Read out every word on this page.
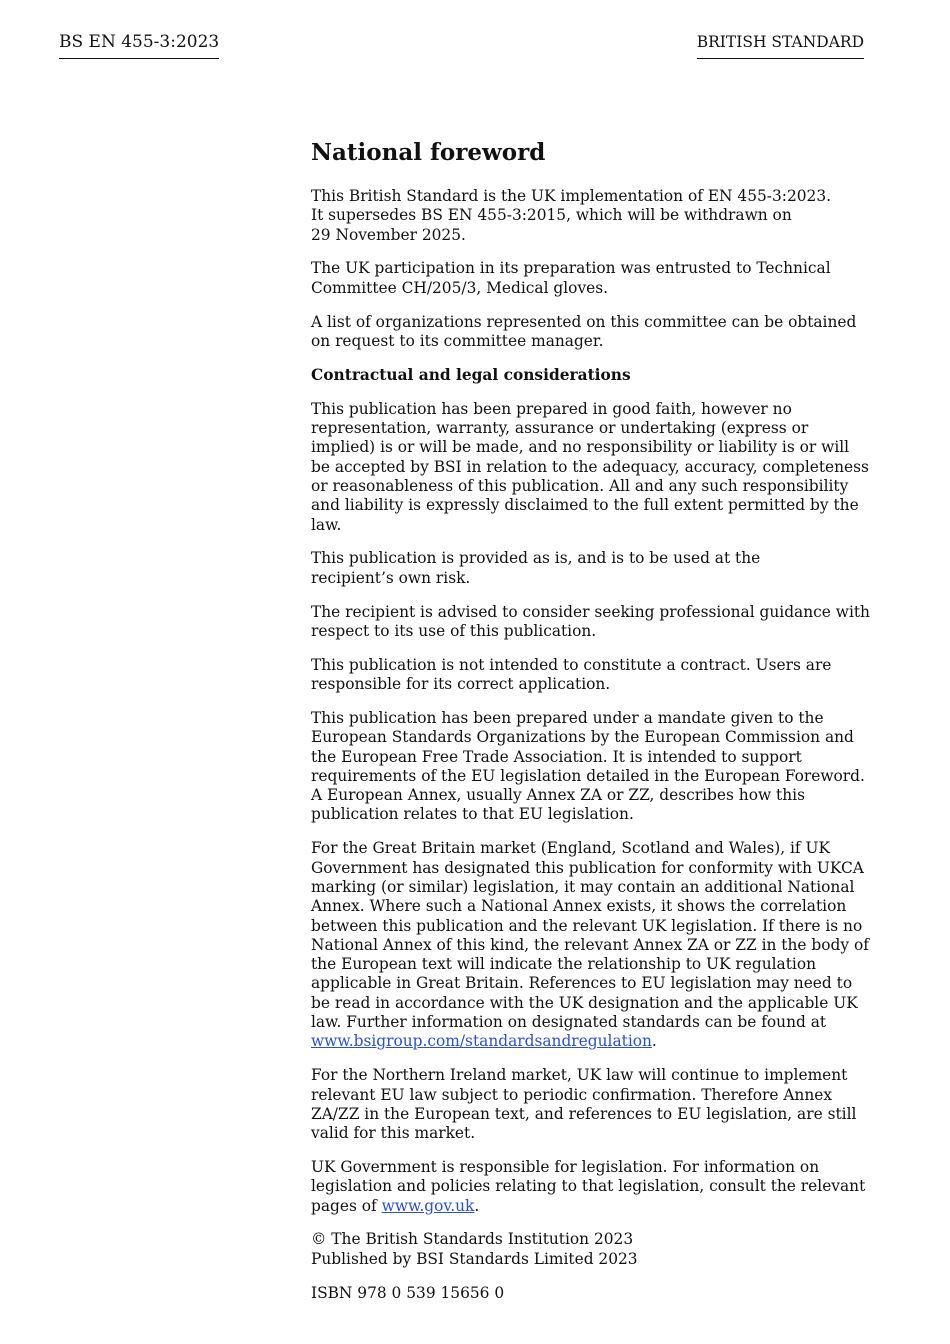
BS EN 455-3:2023	BRITISH STANDARD
National foreword

This British Standard is the UK implementation of EN 455-3:2023.
It supersedes BS EN 455-3:2015, which will be withdrawn on
29 November 2025.

The UK participation in its preparation was entrusted to Technical Committee CH/205/3, Medical gloves.

A list of organizations represented on this committee can be obtained on request to its committee manager.

Contractual and legal considerations

This publication has been prepared in good faith, however no representation, warranty, assurance or undertaking (express or implied) is or will be made, and no responsibility or liability is or will be accepted by BSI in relation to the adequacy, accuracy, completeness or reasonableness of this publication. All and any such responsibility and liability is expressly disclaimed to the full extent permitted by the law.

This publication is provided as is, and is to be used at the
recipient’s own risk.

The recipient is advised to consider seeking professional guidance with respect to its use of this publication.

This publication is not intended to constitute a contract. Users are responsible for its correct application.

This publication has been prepared under a mandate given to the European Standards Organizations by the European Commission and the European Free Trade Association. It is intended to support requirements of the EU legislation detailed in the European Foreword. A European Annex, usually Annex ZA or ZZ, describes how this publication relates to that EU legislation.

For the Great Britain market (England, Scotland and Wales), if UK Government has designated this publication for conformity with UKCA marking (or similar) legislation, it may contain an additional National Annex. Where such a National Annex exists, it shows the correlation between this publication and the relevant UK legislation. If there is no National Annex of this kind, the relevant Annex ZA or ZZ in the body of the European text will indicate the relationship to UK regulation applicable in Great Britain. References to EU legislation may need to be read in accordance with the UK designation and the applicable UK law. Further information on designated standards can be found at www.bsigroup.com/standardsandregulation.

For the Northern Ireland market, UK law will continue to implement relevant EU law subject to periodic confirmation. Therefore Annex ZA/ZZ in the European text, and references to EU legislation, are still valid for this market.

UK Government is responsible for legislation. For information on legislation and policies relating to that legislation, consult the relevant pages of www.gov.uk.

© The British Standards Institution 2023
Published by BSI Standards Limited 2023

ISBN 978 0 539 15656 0
